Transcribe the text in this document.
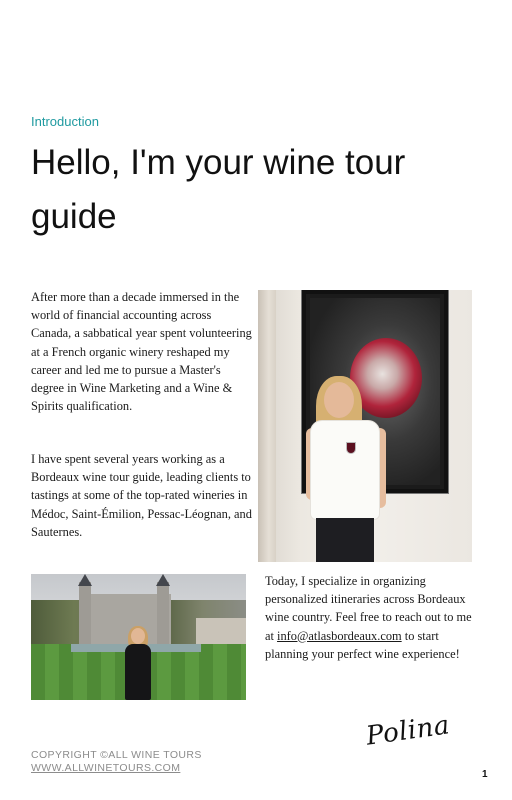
Introduction
Hello, I'm your wine tour guide

After more than a decade immersed in the world of financial accounting across Canada, a sabbatical year spent volunteering at a French organic winery reshaped my career and led me to pursue a Master's degree in Wine Marketing and a Wine & Spirits qualification.

I have spent several years working as a Bordeaux wine tour guide, leading clients to tastings at some of the top-rated wineries in Médoc, Saint-Émilion, Pessac-Léognan, and Sauternes.

Today, I specialize in organizing personalized itineraries across Bordeaux wine country. Feel free to reach out to me at info@atlasbordeaux.com to start planning your perfect wine experience!

Polina
COPYRIGHT ©ALL WINE TOURS
WWW.ALLWINETOURS.COM
1
